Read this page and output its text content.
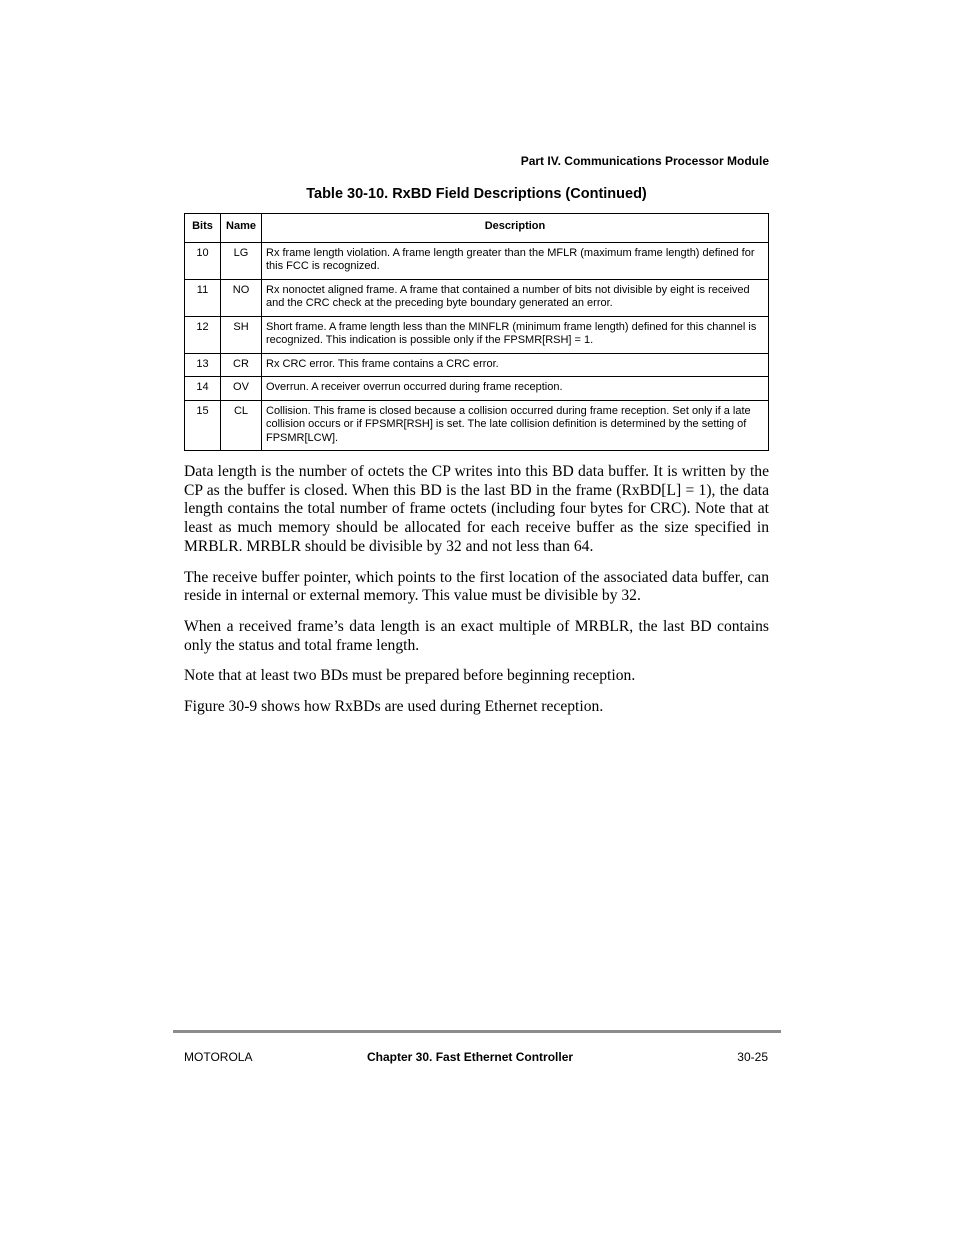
Part IV. Communications Processor Module
Table 30-10. RxBD Field Descriptions (Continued)
Bits	Name	Description
10	LG	Rx frame length violation. A frame length greater than the MFLR (maximum frame length) defined for this FCC is recognized.
11	NO	Rx nonoctet aligned frame. A frame that contained a number of bits not divisible by eight is received and the CRC check at the preceding byte boundary generated an error.
12	SH	Short frame. A frame length less than the MINFLR (minimum frame length) defined for this channel is recognized. This indication is possible only if the FPSMR[RSH] = 1.
13	CR	Rx CRC error. This frame contains a CRC error.
14	OV	Overrun. A receiver overrun occurred during frame reception.
15	CL	Collision. This frame is closed because a collision occurred during frame reception. Set only if a late collision occurs or if FPSMR[RSH] is set. The late collision definition is determined by the setting of FPSMR[LCW].

Data length is the number of octets the CP writes into this BD data buffer. It is written by the CP as the buffer is closed. When this BD is the last BD in the frame (RxBD[L] = 1), the data length contains the total number of frame octets (including four bytes for CRC). Note that at least as much memory should be allocated for each receive buffer as the size specified in MRBLR. MRBLR should be divisible by 32 and not less than 64.

The receive buffer pointer, which points to the first location of the associated data buffer, can reside in internal or external memory. This value must be divisible by 32.

When a received frame’s data length is an exact multiple of MRBLR, the last BD contains only the status and total frame length.

Note that at least two BDs must be prepared before beginning reception.

Figure 30-9 shows how RxBDs are used during Ethernet reception.

MOTOROLA	Chapter 30. Fast Ethernet Controller	30-25
